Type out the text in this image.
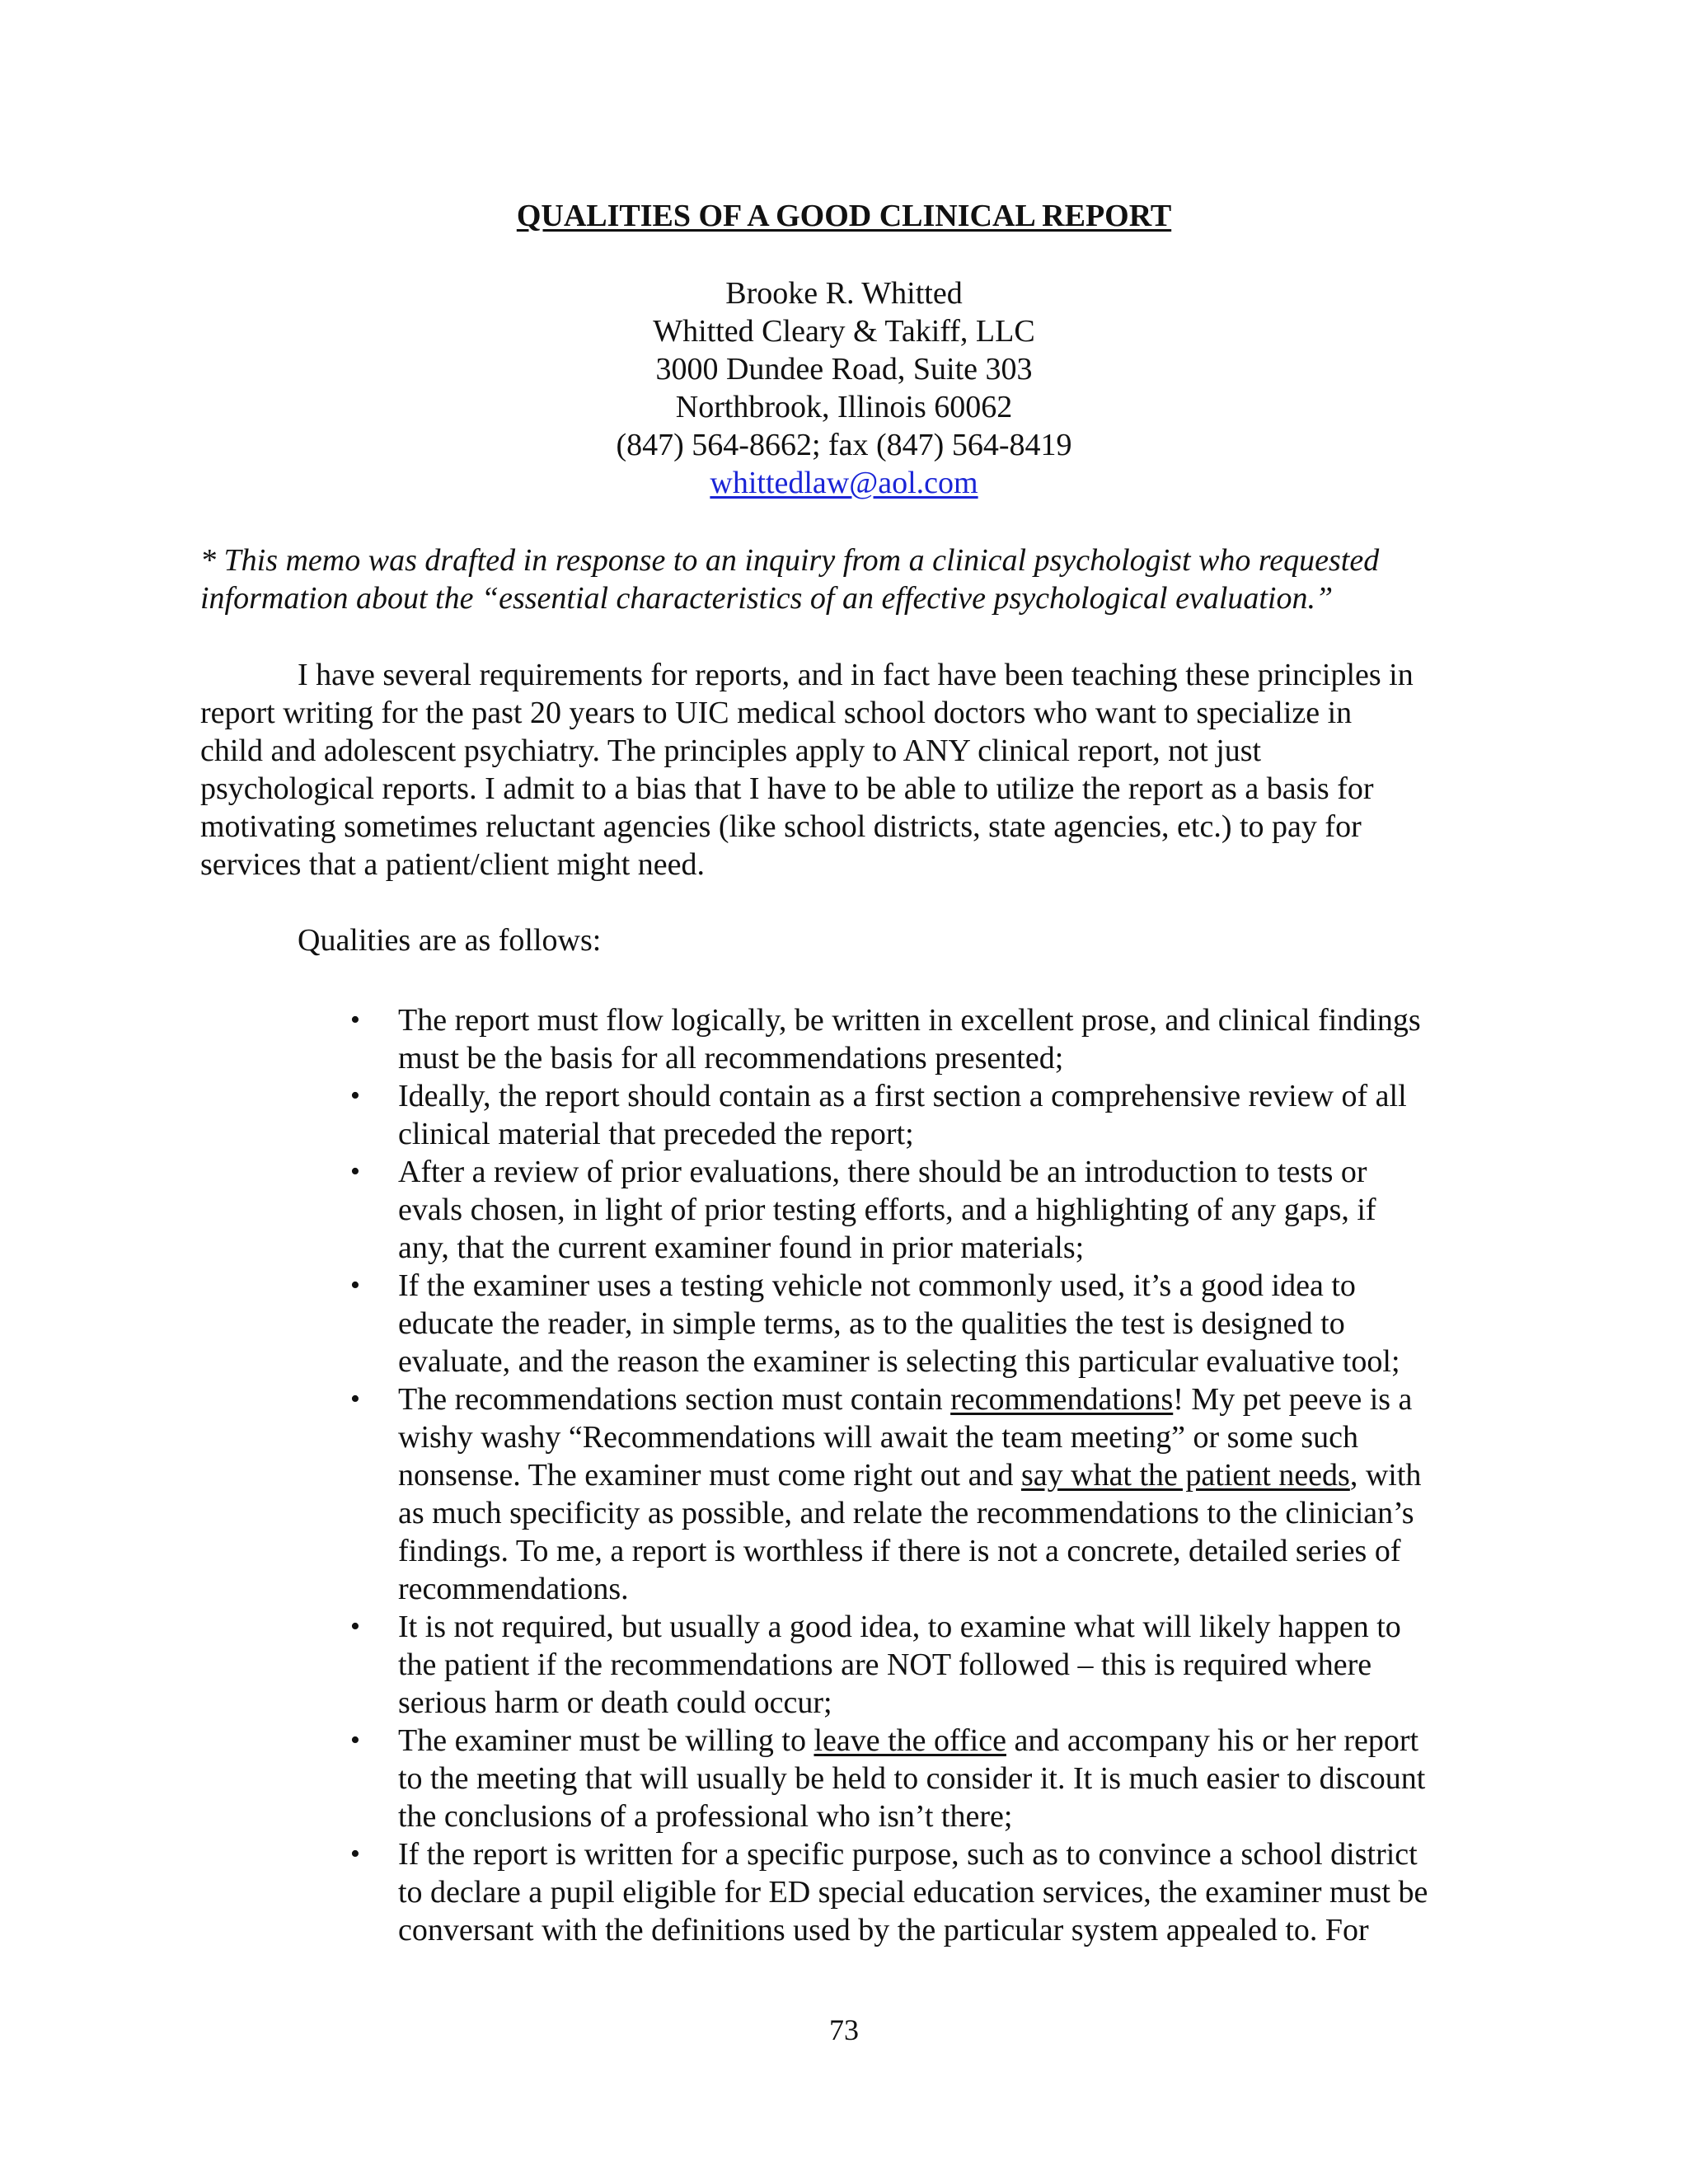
QUALITIES OF A GOOD CLINICAL REPORT
Brooke R. Whitted
Whitted Cleary & Takiff, LLC
3000 Dundee Road, Suite 303
Northbrook, Illinois 60062
(847) 564-8662; fax (847) 564-8419
whittedlaw@aol.com
* This memo was drafted in response to an inquiry from a clinical psychologist who requested
information about the “essential characteristics of an effective psychological evaluation.”
I have several requirements for reports, and in fact have been teaching these principles in
report writing for the past 20 years to UIC medical school doctors who want to specialize in
child and adolescent psychiatry. The principles apply to ANY clinical report, not just
psychological reports. I admit to a bias that I have to be able to utilize the report as a basis for
motivating sometimes reluctant agencies (like school districts, state agencies, etc.) to pay for
services that a patient/client might need.
Qualities are as follows:
• The report must flow logically, be written in excellent prose, and clinical findings
must be the basis for all recommendations presented;
• Ideally, the report should contain as a first section a comprehensive review of all
clinical material that preceded the report;
• After a review of prior evaluations, there should be an introduction to tests or
evals chosen, in light of prior testing efforts, and a highlighting of any gaps, if
any, that the current examiner found in prior materials;
• If the examiner uses a testing vehicle not commonly used, it’s a good idea to
educate the reader, in simple terms, as to the qualities the test is designed to
evaluate, and the reason the examiner is selecting this particular evaluative tool;
• The recommendations section must contain recommendations! My pet peeve is a
wishy washy “Recommendations will await the team meeting” or some such
nonsense. The examiner must come right out and say what the patient needs, with
as much specificity as possible, and relate the recommendations to the clinician’s
findings. To me, a report is worthless if there is not a concrete, detailed series of
recommendations.
• It is not required, but usually a good idea, to examine what will likely happen to
the patient if the recommendations are NOT followed – this is required where
serious harm or death could occur;
• The examiner must be willing to leave the office and accompany his or her report
to the meeting that will usually be held to consider it. It is much easier to discount
the conclusions of a professional who isn’t there;
• If the report is written for a specific purpose, such as to convince a school district
to declare a pupil eligible for ED special education services, the examiner must be
conversant with the definitions used by the particular system appealed to. For
73
